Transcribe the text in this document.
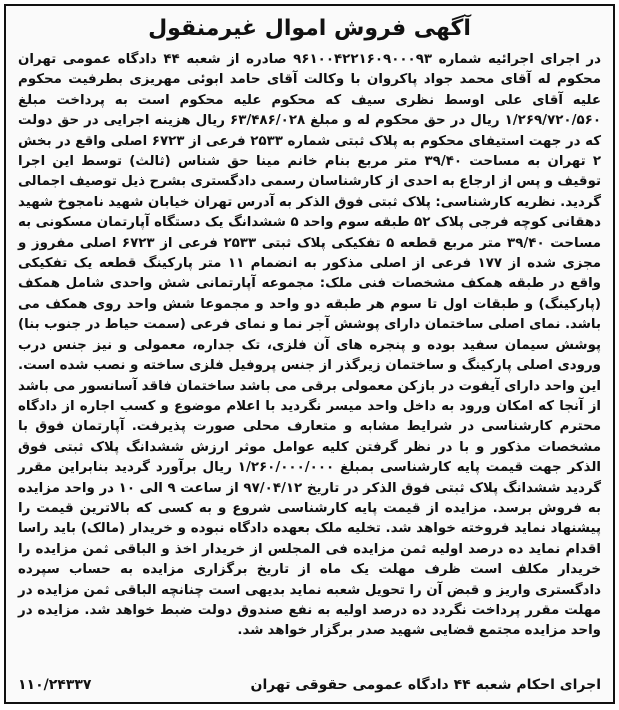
آگهی فروش اموال غیرمنقول

در اجرای اجرائیه شماره ۹۶۱۰۰۴۲۲۱۶۰۹۰۰۰۹۳ صادره از شعبه ۴۴ دادگاه عمومی تهران محکوم له آقای محمد جواد پاکروان با وکالت آقای حامد ابوئی مهریزی بطرفیت محکوم علیه آقای علی اوسط نظری سیف که محکوم علیه محکوم است به پرداخت مبلغ ۱/۲۶۹/۷۲۰/۵۶۰ ریال در حق محکوم له و مبلغ ۶۳/۴۸۶/۰۲۸ ریال هزینه اجرایی در حق دولت که در جهت استیفای محکوم به پلاک ثبتی شماره ۲۵۳۳ فرعی از ۶۷۲۳ اصلی واقع در بخش ۲ تهران به مساحت ۳۹/۴۰ متر مربع بنام خانم مینا حق شناس (ثالث) توسط این اجرا توقیف و پس از ارجاع به احدی از کارشناسان رسمی دادگستری بشرح ذیل توصیف اجمالی گردید. نظریه کارشناسی: پلاک ثبتی فوق الذکر به آدرس تهران خیابان شهید نامجوخ شهید دهقانی کوچه فرجی پلاک ۵۲ طبقه سوم واحد ۵ ششدانگ یک دستگاه آپارتمان مسکونی به مساحت ۳۹/۴۰ متر مربع قطعه ۵ تفکیکی پلاک ثبتی ۲۵۳۳ فرعی از ۶۷۲۳ اصلی مفروز و مجزی شده از ۱۷۷ فرعی از اصلی مذکور به انضمام ۱۱ متر پارکینگ قطعه یک تفکیکی واقع در طبقه همکف مشخصات فنی ملک: مجموعه آپارتمانی شش واحدی شامل همکف (پارکینگ) و طبقات اول تا سوم هر طبقه دو واحد و مجموعا شش واحد روی همکف می باشد. نمای اصلی ساختمان دارای پوشش آجر نما و نمای فرعی (سمت حیاط در جنوب بنا) پوشش سیمان سفید بوده و پنجره های آن فلزی، تک جداره، معمولی و نیز جنس درب ورودی اصلی پارکینگ و ساختمان زیرگذر از جنس پروفیل فلزی ساخته و نصب شده است. این واحد دارای آیفوت در بازکن معمولی برقی می باشد ساختمان فاقد آسانسور می باشد از آنجا که امکان ورود به داخل واحد میسر نگردید با اعلام موضوع و کسب اجاره از دادگاه محترم کارشناسی در شرایط مشابه و متعارف محلی صورت پذیرفت. آپارتمان فوق با مشخصات مذکور و با در نظر گرفتن کلیه عوامل موثر ارزش ششدانگ پلاک ثبتی فوق الذکر جهت قیمت پایه کارشناسی بمبلغ ۱/۲۶۰/۰۰۰/۰۰۰ ریال برآورد گردید بنابراین مقرر گردید ششدانگ پلاک ثبتی فوق الذکر در تاریخ ۹۷/۰۴/۱۲ از ساعت ۹ الی ۱۰ در واحد مزایده به فروش برسد. مزایده از قیمت پایه کارشناسی شروع و به کسی که بالاترین قیمت را پیشنهاد نماید فروخته خواهد شد. تخلیه ملک بعهده دادگاه نبوده و خریدار (مالک) باید راسا اقدام نماید ده درصد اولیه ثمن مزایده فی المجلس از خریدار اخذ و الباقی ثمن مزایده را خریدار مکلف است ظرف مهلت یک ماه از تاریخ برگزاری مزایده به حساب سپرده دادگستری واریز و قبض آن را تحویل شعبه نماید بدیهی است چنانچه الباقی ثمن مزایده در مهلت مقرر پرداخت نگردد ده درصد اولیه به نفع صندوق دولت ضبط خواهد شد. مزایده در واحد مزایده مجتمع قضایی شهید صدر برگزار خواهد شد.

اجرای احکام شعبه ۴۴ دادگاه عمومی حقوقی تهران
۱۱۰/۲۴۳۳۷
